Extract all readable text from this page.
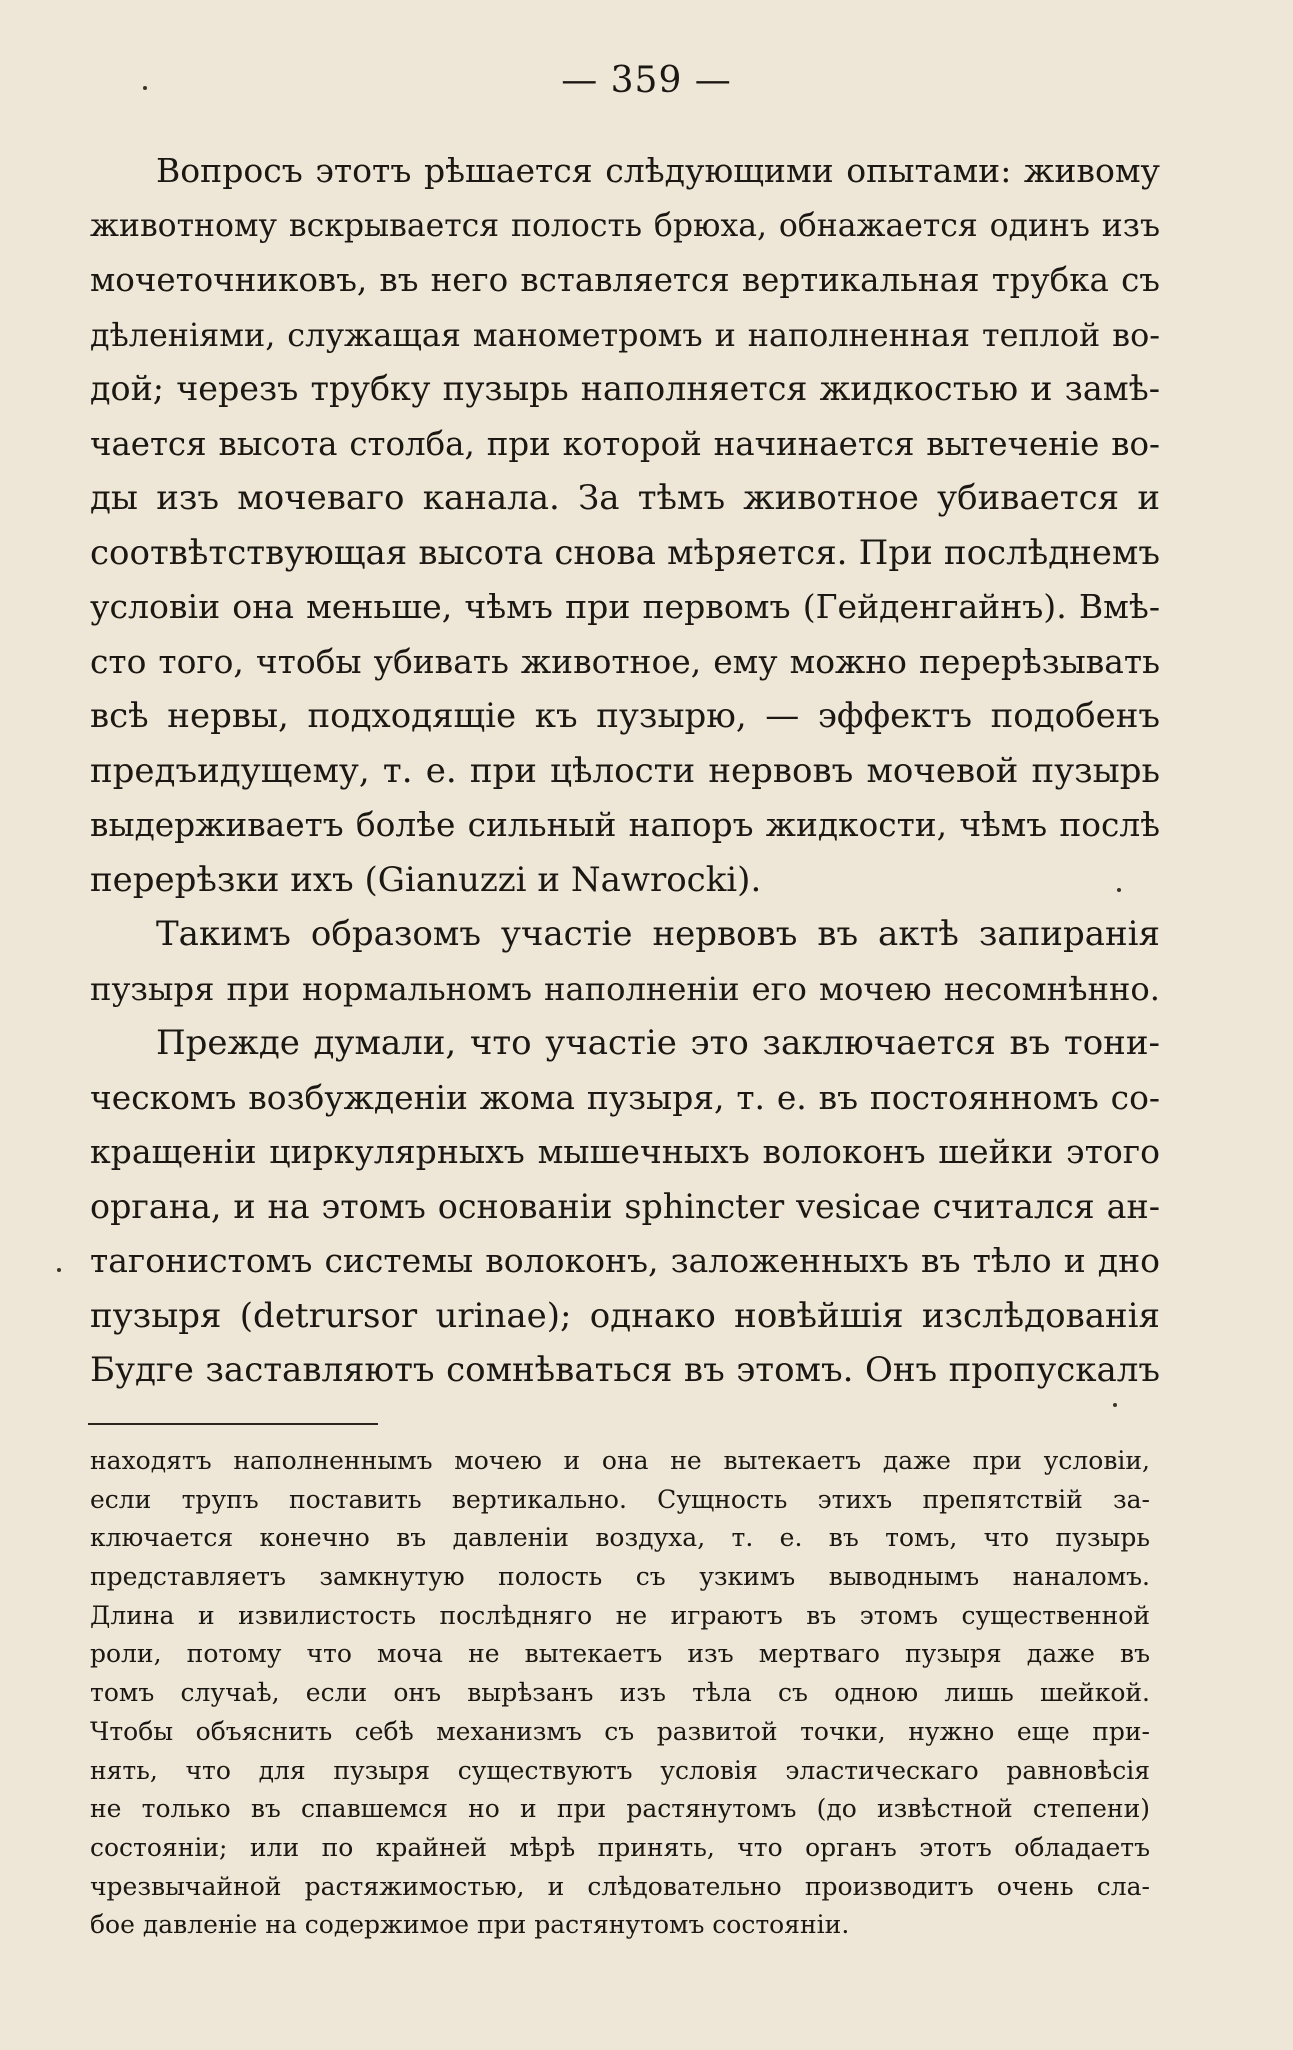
— 359 —
Вопросъ этотъ рѣшается слѣдующими опытами: живому
животному вскрывается полость брюха, обнажается одинъ изъ
мочеточниковъ, въ него вставляется вертикальная трубка съ
дѣленіями, служащая манометромъ и наполненная теплой во-
дой; черезъ трубку пузырь наполняется жидкостью и замѣ-
чается высота столба, при которой начинается вытеченіе во-
ды изъ мочеваго канала. За тѣмъ животное убивается и
соотвѣтствующая высота снова мѣряется. При послѣднемъ
условіи она меньше, чѣмъ при первомъ (Гейденгайнъ). Вмѣ-
сто того, чтобы убивать животное, ему можно перерѣзывать
всѣ нервы, подходящіе къ пузырю, — эффектъ подобенъ
предъидущему, т. е. при цѣлости нервовъ мочевой пузырь
выдерживаетъ болѣе сильный напоръ жидкости, чѣмъ послѣ
перерѣзки ихъ (Gianuzzi и Nawrocki).
Такимъ образомъ участіе нервовъ въ актѣ запиранія
пузыря при нормальномъ наполненіи его мочею несомнѣнно.
Прежде думали, что участіе это заключается въ тони-
ческомъ возбужденіи жома пузыря, т. е. въ постоянномъ со-
кращеніи циркулярныхъ мышечныхъ волоконъ шейки этого
органа, и на этомъ основаніи sphincter vesicae считался ан-
тагонистомъ системы волоконъ, заложенныхъ въ тѣло и дно
пузыря (detrursor urinae); однако новѣйшія изслѣдованія
Будге заставляютъ сомнѣваться въ этомъ. Онъ пропускалъ
находятъ наполненнымъ мочею и она не вытекаетъ даже при условіи,
если трупъ поставить вертикально. Сущность этихъ препятствій за-
ключается конечно въ давленіи воздуха, т. е. въ томъ, что пузырь
представляетъ замкнутую полость съ узкимъ выводнымъ наналомъ.
Длина и извилистость послѣдняго не играютъ въ этомъ существенной
роли, потому что моча не вытекаетъ изъ мертваго пузыря даже въ
томъ случаѣ, если онъ вырѣзанъ изъ тѣла съ одною лишь шейкой.
Чтобы объяснить себѣ механизмъ съ развитой точки, нужно еще при-
нять, что для пузыря существуютъ условія эластическаго равновѣсія
не только въ спавшемся но и при растянутомъ (до извѣстной степени)
состояніи; или по крайней мѣрѣ принять, что органъ этотъ обладаетъ
чрезвычайной растяжимостью, и слѣдовательно производитъ очень сла-
бое давленіе на содержимое при растянутомъ состояніи.
